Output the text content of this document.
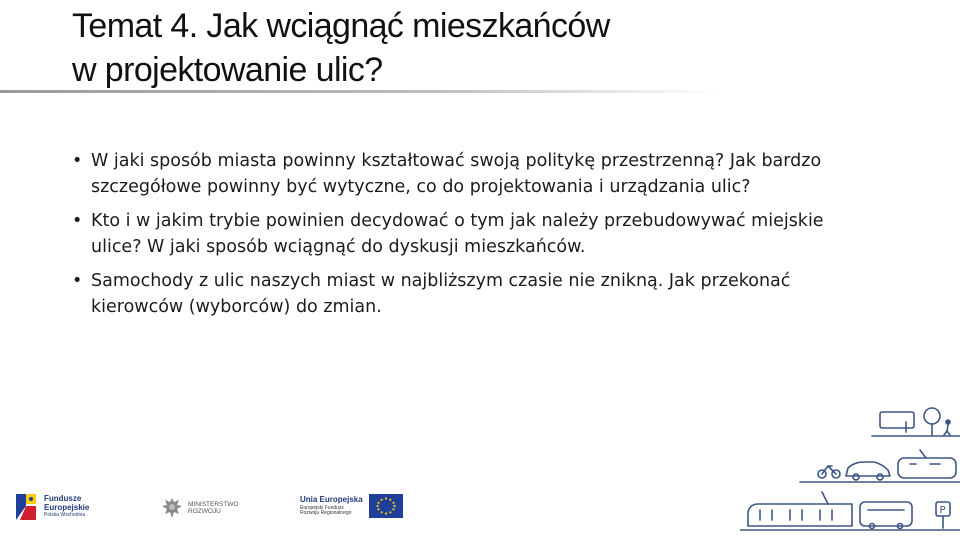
Temat 4. Jak wciągnąć mieszkańców
w projektowanie ulic?
• W jaki sposób miasta powinny kształtować swoją politykę przestrzenną? Jak bardzo szczegółowe powinny być wytyczne, co do projektowania i urządzania ulic?
• Kto i w jakim trybie powinien decydować o tym jak należy przebudowywać miejskie ulice? W jaki sposób wciągnąć do dyskusji mieszkańców.
• Samochody z ulic naszych miast w najbliższym czasie nie znikną. Jak przekonać kierowców (wyborców) do zmian.
Fundusze
Europejskie
Polska Wschodnia
MINISTERSTWO
ROZWOJU
Unia Europejska
Europejski Fundusz
Rozwoju Regionalnego	P
